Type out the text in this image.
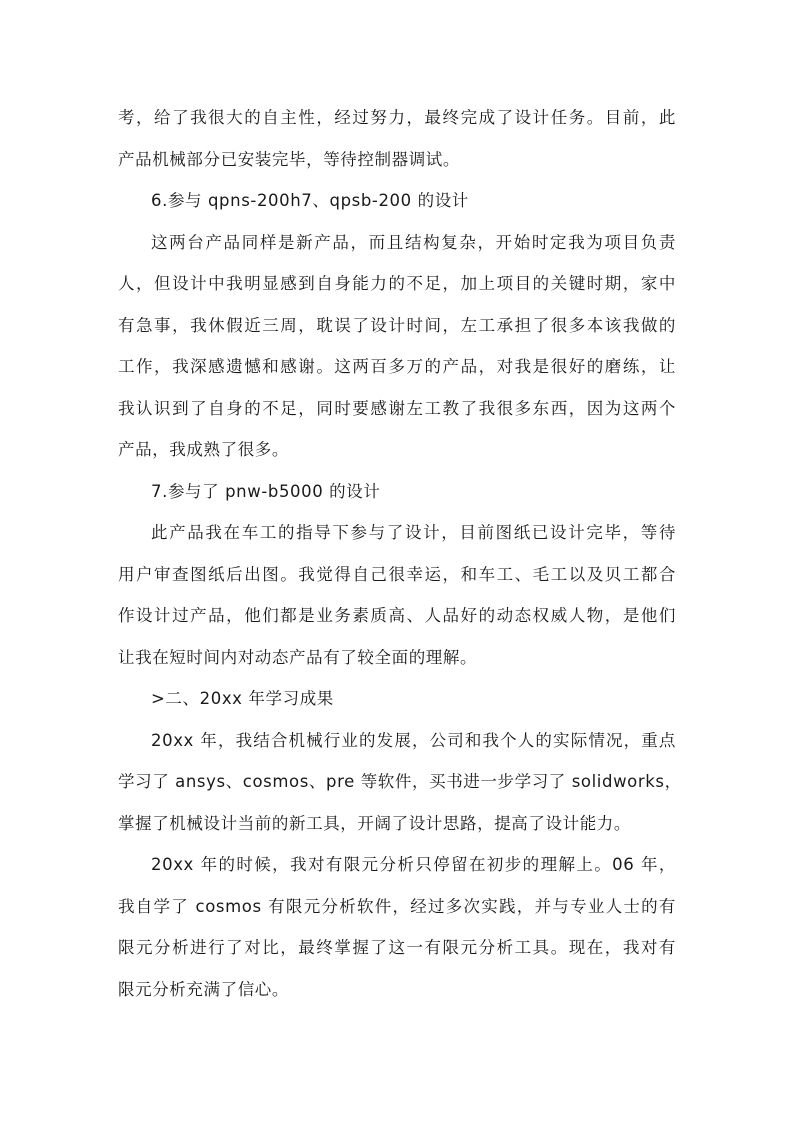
考，给了我很大的自主性，经过努力，最终完成了设计任务。目前，此
产品机械部分已安装完毕，等待控制器调试。
6.参与 qpns-200h7、qpsb-200 的设计
这两台产品同样是新产品，而且结构复杂，开始时定我为项目负责
人，但设计中我明显感到自身能力的不足，加上项目的关键时期，家中
有急事，我休假近三周，耽误了设计时间，左工承担了很多本该我做的
工作，我深感遗憾和感谢。这两百多万的产品，对我是很好的磨练，让
我认识到了自身的不足，同时要感谢左工教了我很多东西，因为这两个
产品，我成熟了很多。
7.参与了 pnw-b5000 的设计
此产品我在车工的指导下参与了设计，目前图纸已设计完毕，等待
用户审查图纸后出图。我觉得自己很幸运，和车工、毛工以及贝工都合
作设计过产品，他们都是业务素质高、人品好的动态权威人物，是他们
让我在短时间内对动态产品有了较全面的理解。
>二、20xx 年学习成果
20xx 年，我结合机械行业的发展，公司和我个人的实际情况，重点
学习了 ansys、cosmos、pre 等软件，买书进一步学习了 solidworks，
掌握了机械设计当前的新工具，开阔了设计思路，提高了设计能力。
20xx 年的时候，我对有限元分析只停留在初步的理解上。06 年，
我自学了 cosmos 有限元分析软件，经过多次实践，并与专业人士的有
限元分析进行了对比，最终掌握了这一有限元分析工具。现在，我对有
限元分析充满了信心。
